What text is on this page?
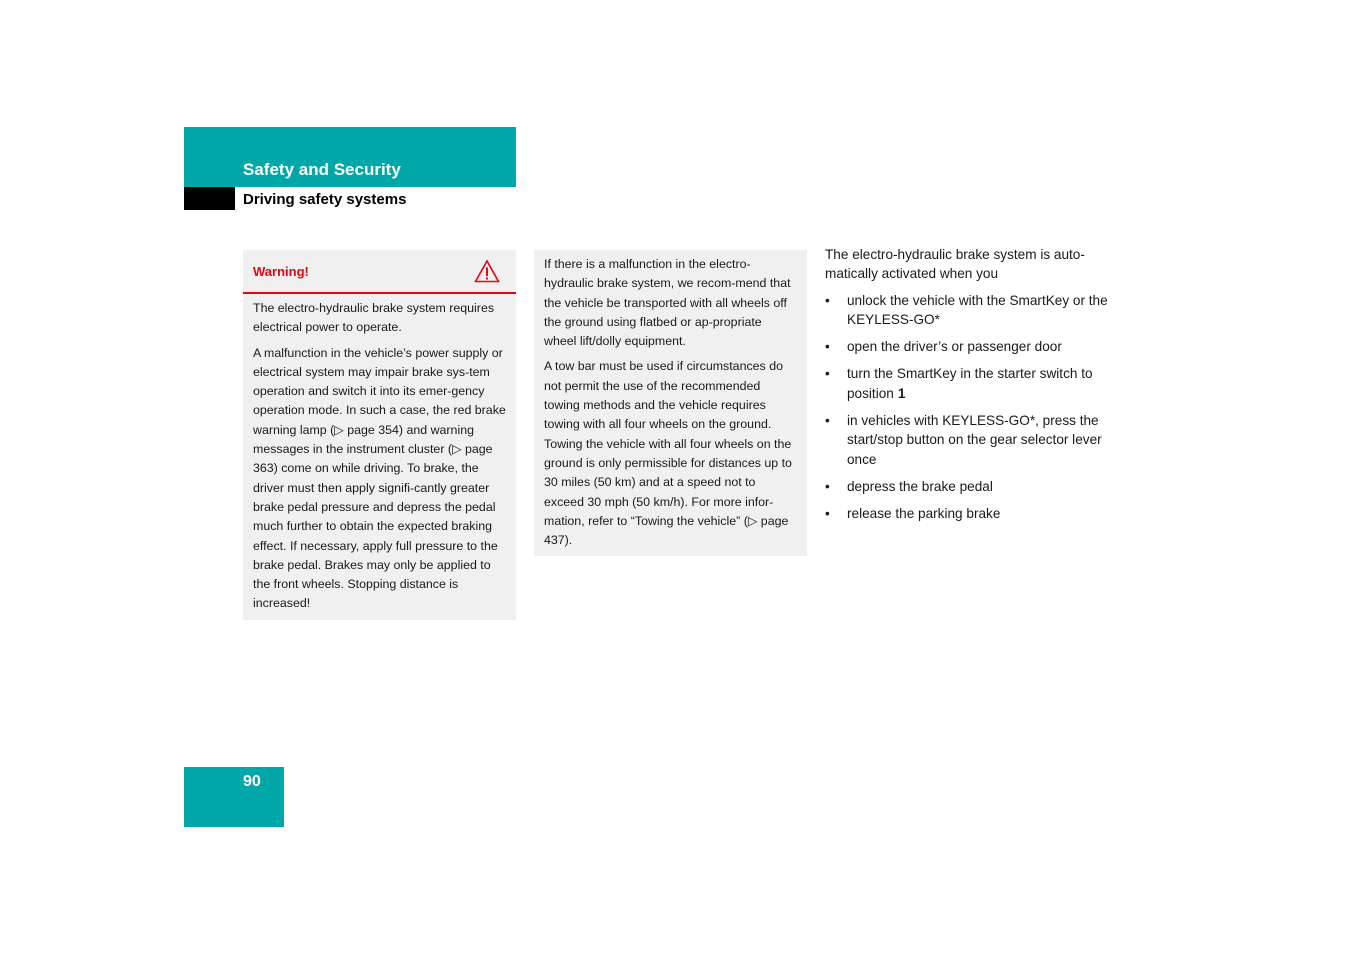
Safety and Security
Driving safety systems
Warning!

The electro-hydraulic brake system requires electrical power to operate.

A malfunction in the vehicle’s power supply or electrical system may impair brake sys-tem operation and switch it into its emer-gency operation mode. In such a case, the red brake warning lamp (▷ page 354) and warning messages in the instrument cluster (▷ page 363) come on while driving. To brake, the driver must then apply signifi-cantly greater brake pedal pressure and depress the pedal much further to obtain the expected braking effect. If necessary, apply full pressure to the brake pedal. Brakes may only be applied to the front wheels. Stopping distance is increased!

If there is a malfunction in the electro-hydraulic brake system, we recom-mend that the vehicle be transported with all wheels off the ground using flatbed or ap-propriate wheel lift/dolly equipment.

A tow bar must be used if circumstances do not permit the use of the recommended towing methods and the vehicle requires towing with all four wheels on the ground. Towing the vehicle with all four wheels on the ground is only permissible for distances up to 30 miles (50 km) and at a speed not to exceed 30 mph (50 km/h). For more infor-mation, refer to “Towing the vehicle” (▷ page 437).

The electro-hydraulic brake system is auto-matically activated when you

• unlock the vehicle with the SmartKey or the KEYLESS-GO*
• open the driver’s or passenger door
• turn the SmartKey in the starter switch to position 1
• in vehicles with KEYLESS-GO*, press the start/stop button on the gear selector lever once
• depress the brake pedal
• release the parking brake
90
